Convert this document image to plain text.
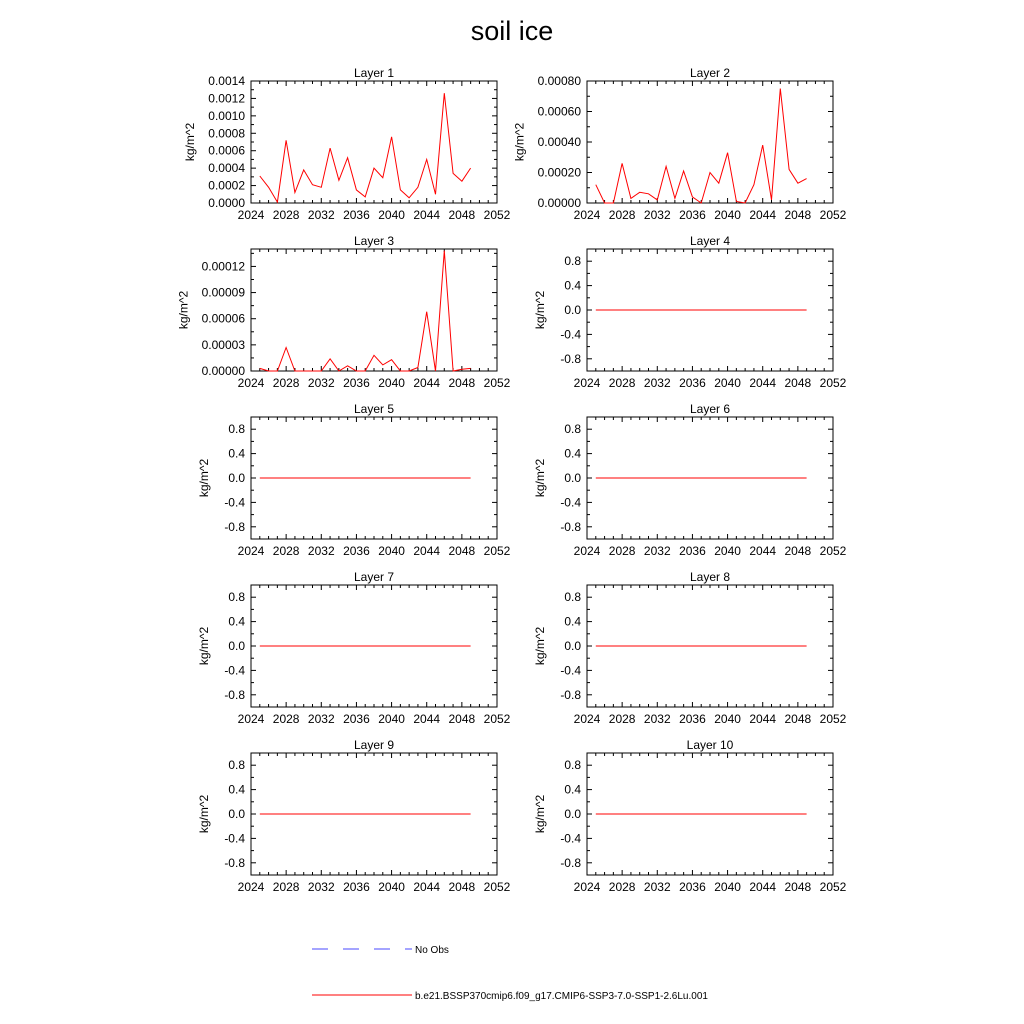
soil ice
Layer 1
2024 2028 2032 2036 2040 2044 2048 2052
0.0000
0.0002
0.0004
0.0006
0.0008
0.0010
0.0012
0.0014
kg/m^2
Layer 2
2024 2028 2032 2036 2040 2044 2048 2052
0.00000
0.00020
0.00040
0.00060
0.00080
kg/m^2
Layer 3
2024 2028 2032 2036 2040 2044 2048 2052
0.00000
0.00003
0.00006
0.00009
0.00012
kg/m^2
Layer 4
2024 2028 2032 2036 2040 2044 2048 2052
-0.8
-0.4
0.0
0.4
0.8
kg/m^2
Layer 5
2024 2028 2032 2036 2040 2044 2048 2052
-0.8
-0.4
0.0
0.4
0.8
kg/m^2
Layer 6
2024 2028 2032 2036 2040 2044 2048 2052
-0.8
-0.4
0.0
0.4
0.8
kg/m^2
Layer 7
2024 2028 2032 2036 2040 2044 2048 2052
-0.8
-0.4
0.0
0.4
0.8
kg/m^2
Layer 8
2024 2028 2032 2036 2040 2044 2048 2052
-0.8
-0.4
0.0
0.4
0.8
kg/m^2
Layer 9
2024 2028 2032 2036 2040 2044 2048 2052
-0.8
-0.4
0.0
0.4
0.8
kg/m^2
Layer 10
2024 2028 2032 2036 2040 2044 2048 2052
-0.8
-0.4
0.0
0.4
0.8
kg/m^2
No Obs
b.e21.BSSP370cmip6.f09_g17.CMIP6-SSP3-7.0-SSP1-2.6Lu.001
